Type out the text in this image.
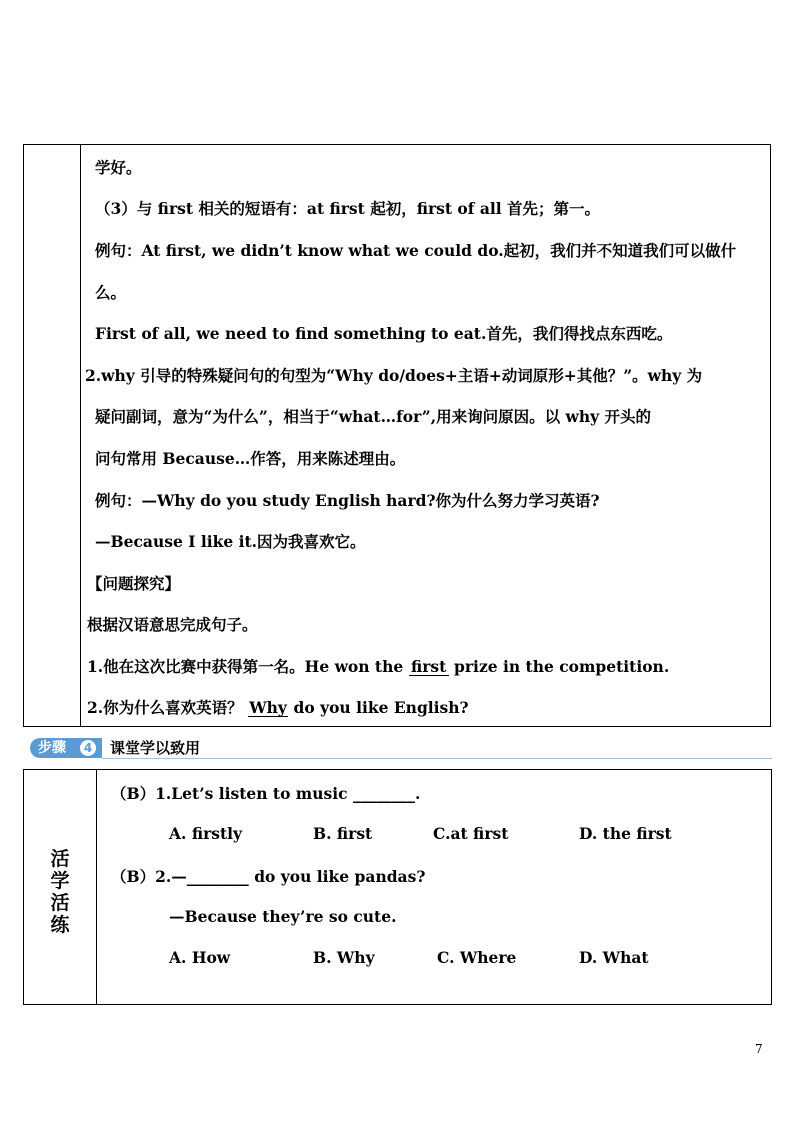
学好。
（3）与 first 相关的短语有：at first 起初，first of all 首先；第一。
例句：At first, we didn’t know what we could do.起初，我们并不知道我们可以做什
么。
First of all, we need to find something to eat.首先，我们得找点东西吃。
2.why 引导的特殊疑问句的句型为“Why do/does+主语+动词原形+其他？”。why 为
疑问副词，意为“为什么”，相当于“what…for”,用来询问原因。以 why 开头的
问句常用 Because…作答，用来陈述理由。
例句：—Why do you study English hard?你为什么努力学习英语?
—Because I like it.因为我喜欢它。
【问题探究】
根据汉语意思完成句子。
1.他在这次比赛中获得第一名。He won the first prize in the competition.
2.你为什么喜欢英语？ Why do you like English?
步骤	4 课堂学以致用
活
学
活
练
（B）1.Let’s listen to music ________.
A. firstly	B. first	C.at first	D. the first
（B）2.—________ do you like pandas?
—Because they’re so cute.
A. How	B. Why	C. Where	D. What
7
